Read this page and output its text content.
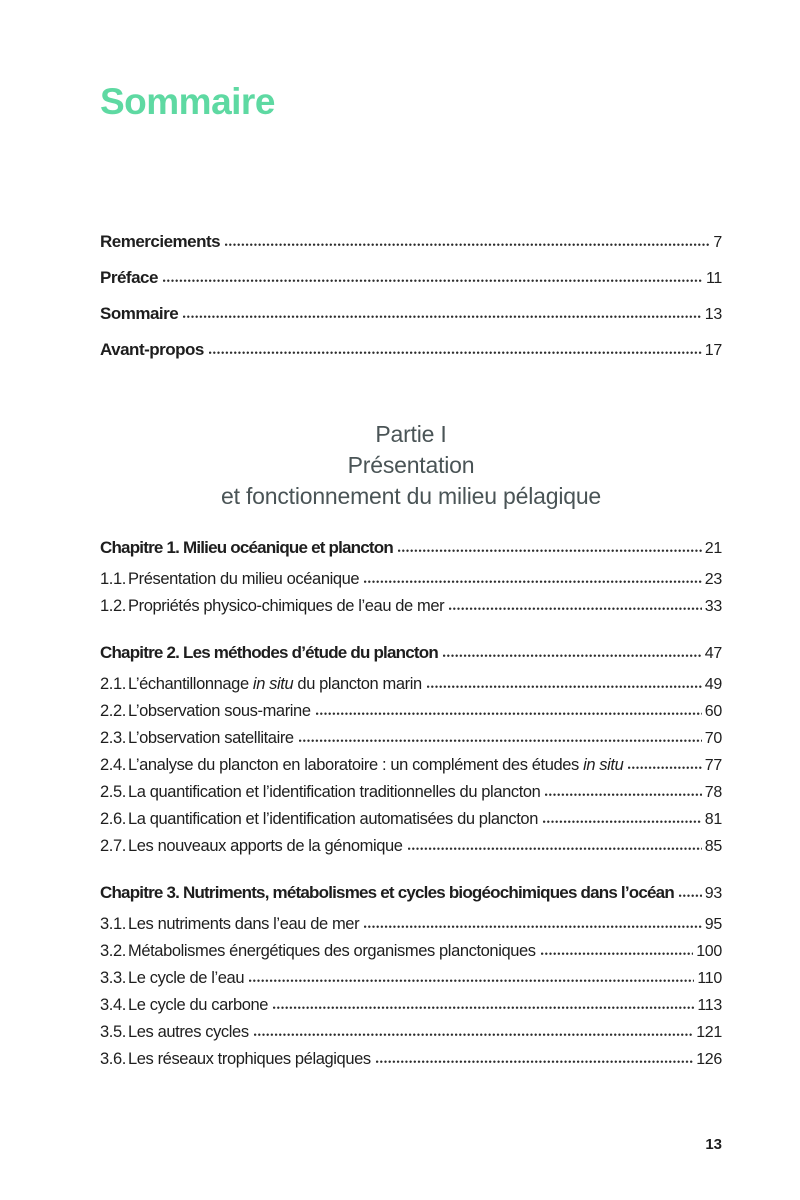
Sommaire
Remerciements	7
Préface	11
Sommaire	13
Avant-propos	17
Partie I
Présentation
et fonctionnement du milieu pélagique
Chapitre 1. Milieu océanique et plancton	21
1.1. Présentation du milieu océanique	23
1.2. Propriétés physico-chimiques de l’eau de mer	33
Chapitre 2. Les méthodes d’étude du plancton	47
2.1. L’échantillonnage in situ du plancton marin	49
2.2. L’observation sous-marine	60
2.3. L’observation satellitaire	70
2.4. L’analyse du plancton en laboratoire : un complément des études in situ	77
2.5. La quantification et l’identification traditionnelles du plancton	78
2.6. La quantification et l’identification automatisées du plancton	81
2.7. Les nouveaux apports de la génomique	85
Chapitre 3. Nutriments, métabolismes et cycles biogéochimiques dans l’océan 93
3.1. Les nutriments dans l’eau de mer	95
3.2. Métabolismes énergétiques des organismes planctoniques	100
3.3. Le cycle de l’eau	110
3.4. Le cycle du carbone	113
3.5. Les autres cycles	121
3.6. Les réseaux trophiques pélagiques	126
13
